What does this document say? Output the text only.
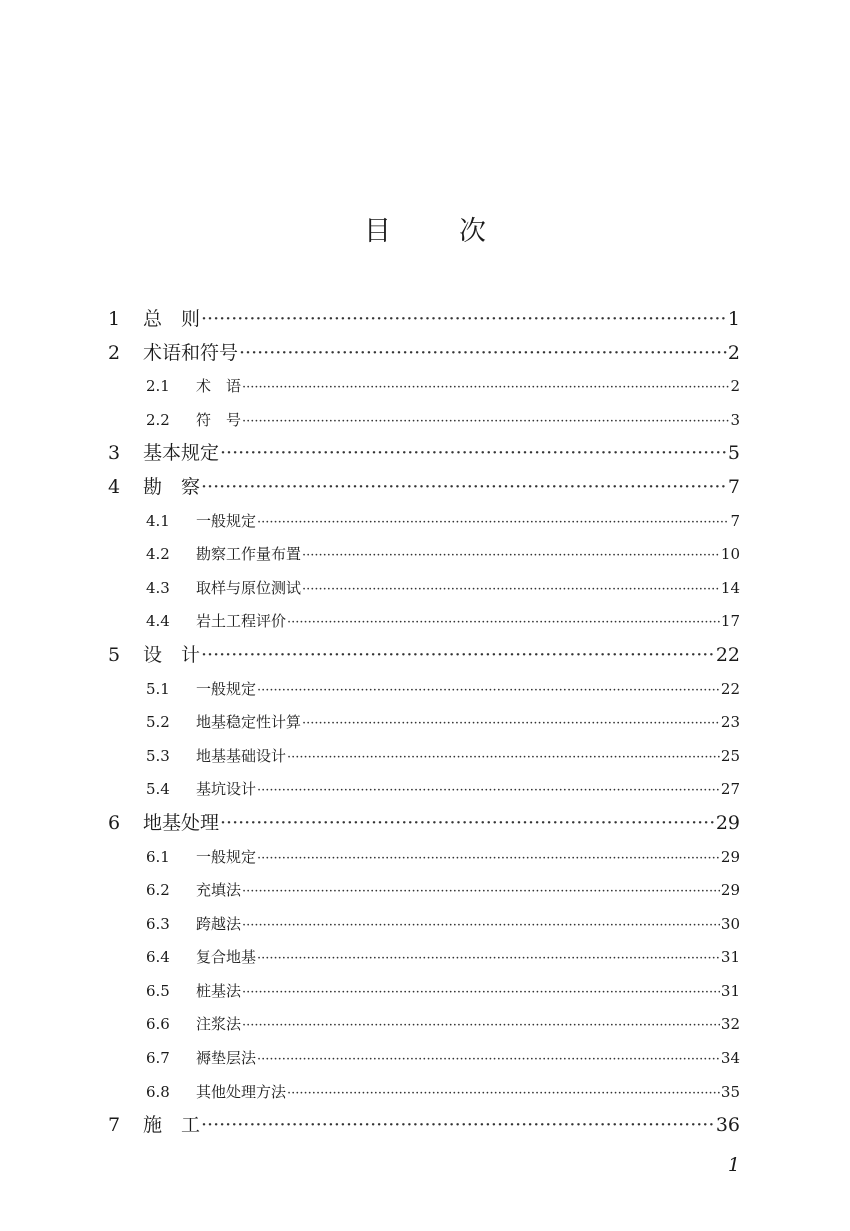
目次
1	总　则 ·····	1
2	术语和符号 ·····	2
2.1	术　语 ·····	2
2.2	符　号 ·····	3
3	基本规定 ·····	5
4	勘　察 ·····	7
4.1	一般规定 ·····	7
4.2	勘察工作量布置 ·····	10
4.3	取样与原位测试 ·····	14
4.4	岩土工程评价 ·····	17
5	设　计 ·····	22
5.1	一般规定 ·····	22
5.2	地基稳定性计算 ·····	23
5.3	地基基础设计 ·····	25
5.4	基坑设计 ·····	27
6	地基处理 ·····	29
6.1	一般规定 ·····	29
6.2	充填法 ·····	29
6.3	跨越法 ·····	30
6.4	复合地基 ·····	31
6.5	桩基法 ·····	31
6.6	注浆法 ·····	32
6.7	褥垫层法 ·····	34
6.8	其他处理方法 ·····	35
7	施　工 ·····	36
1
